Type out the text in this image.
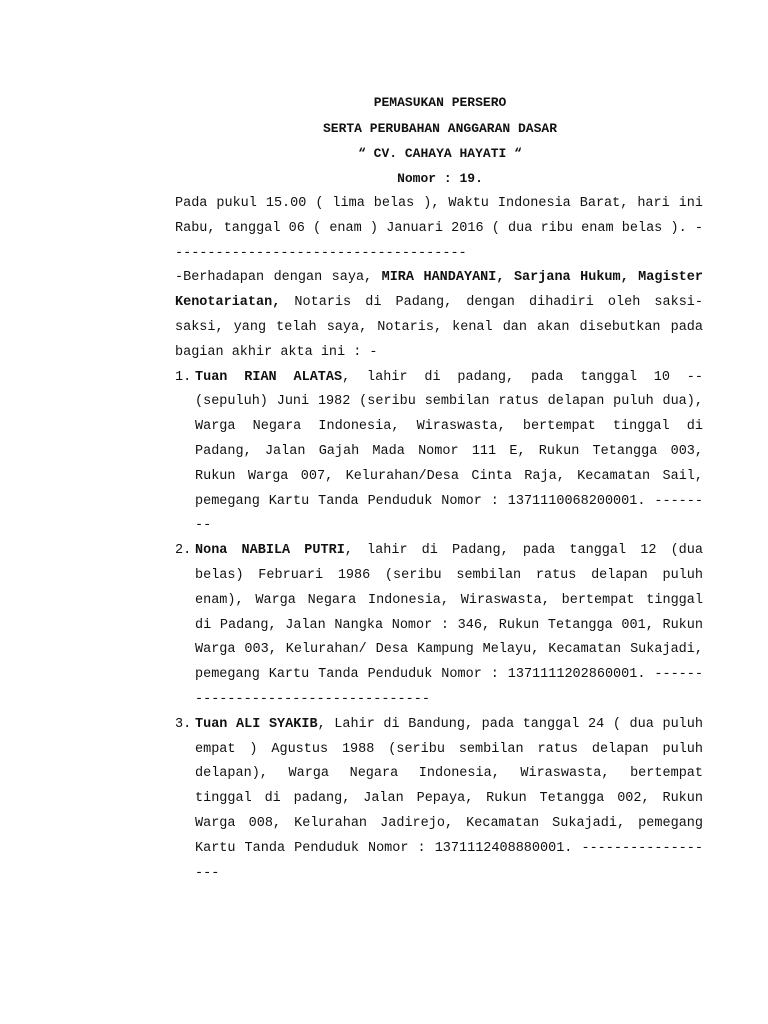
PEMASUKAN PERSERO

SERTA PERUBAHAN ANGGARAN DASAR

“ CV. CAHAYA HAYATI “

Nomor : 19.

Pada pukul 15.00 ( lima belas ), Waktu Indonesia Barat, hari ini Rabu, tanggal 06 ( enam ) Januari 2016 ( dua ribu enam belas ). -------------------------------------

-Berhadapan dengan saya, MIRA HANDAYANI, Sarjana Hukum, Magister Kenotariatan, Notaris di Padang, dengan dihadiri oleh saksi-saksi, yang telah saya, Notaris, kenal dan akan disebutkan pada bagian akhir akta ini : -

1. Tuan RIAN ALATAS, lahir di padang, pada tanggal 10 -- (sepuluh) Juni 1982 (seribu sembilan ratus delapan puluh dua), Warga Negara Indonesia, Wiraswasta, bertempat tinggal di Padang, Jalan Gajah Mada Nomor 111 E, Rukun Tetangga 003, Rukun Warga 007, Kelurahan/Desa Cinta Raja, Kecamatan Sail, pemegang Kartu Tanda Penduduk Nomor : 1371110068200001. --------
2. Nona NABILA PUTRI, lahir di Padang, pada tanggal 12 (dua belas) Februari 1986 (seribu sembilan ratus delapan puluh enam), Warga Negara Indonesia, Wiraswasta, bertempat tinggal di Padang, Jalan Nangka Nomor : 346, Rukun Tetangga 001, Rukun Warga 003, Kelurahan/ Desa Kampung Melayu, Kecamatan Sukajadi, pemegang Kartu Tanda Penduduk Nomor : 1371111202860001. -----------------------------------
3. Tuan ALI SYAKIB, Lahir di Bandung, pada tanggal 24 ( dua puluh empat ) Agustus 1988 (seribu sembilan ratus delapan puluh delapan), Warga Negara Indonesia, Wiraswasta, bertempat tinggal di padang, Jalan Pepaya, Rukun Tetangga 002, Rukun Warga 008, Kelurahan Jadirejo, Kecamatan Sukajadi, pemegang Kartu Tanda Penduduk Nomor : 1371112408880001. ------------------
